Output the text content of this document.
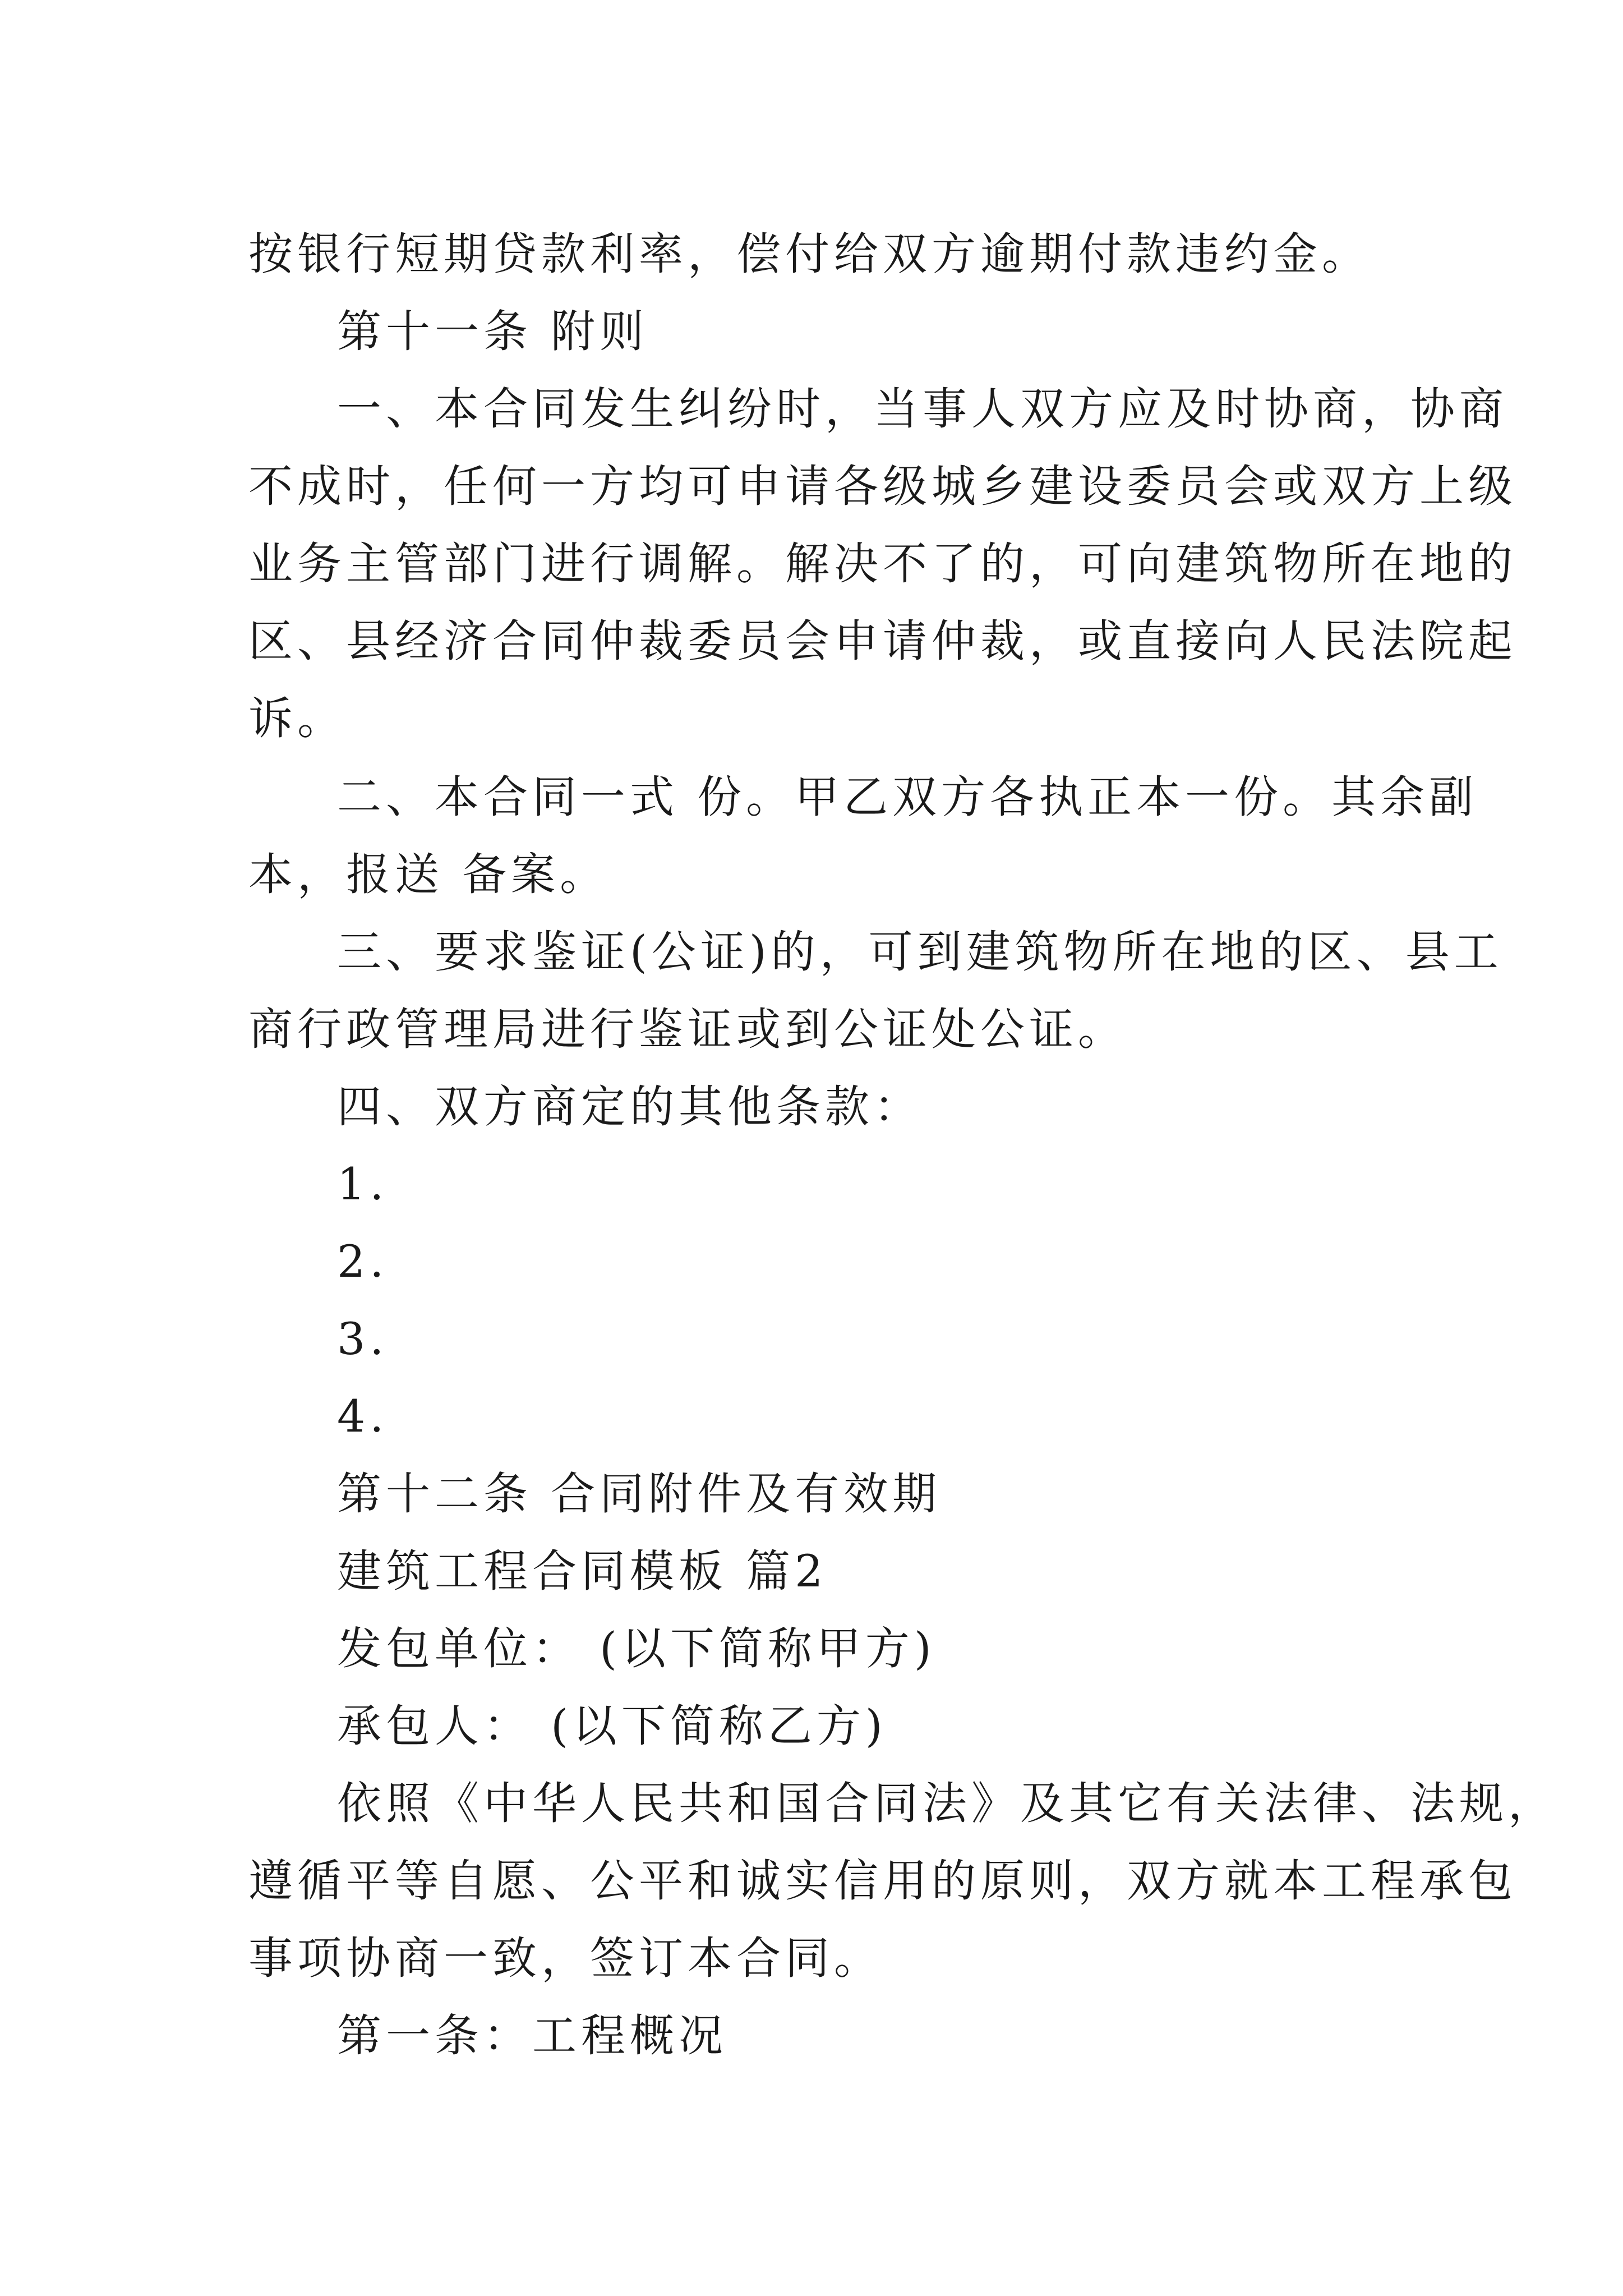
按银行短期贷款利率，偿付给双方逾期付款违约金。
第十一条 附则
一、本合同发生纠纷时，当事人双方应及时协商，协商
不成时，任何一方均可申请各级城乡建设委员会或双方上级
业务主管部门进行调解。解决不了的，可向建筑物所在地的
区、县经济合同仲裁委员会申请仲裁，或直接向人民法院起
诉。
二、本合同一式 份。甲乙双方各执正本一份。其余副
本，报送 备案。
三、要求鉴证(公证)的，可到建筑物所在地的区、县工
商行政管理局进行鉴证或到公证处公证。
四、双方商定的其他条款：
1.
2.
3.
4.
第十二条 合同附件及有效期
建筑工程合同模板 篇2
发包单位： (以下简称甲方)
承包人： (以下简称乙方)
依照《中华人民共和国合同法》及其它有关法律、法规，
遵循平等自愿、公平和诚实信用的原则，双方就本工程承包
事项协商一致，签订本合同。
第一条：工程概况
